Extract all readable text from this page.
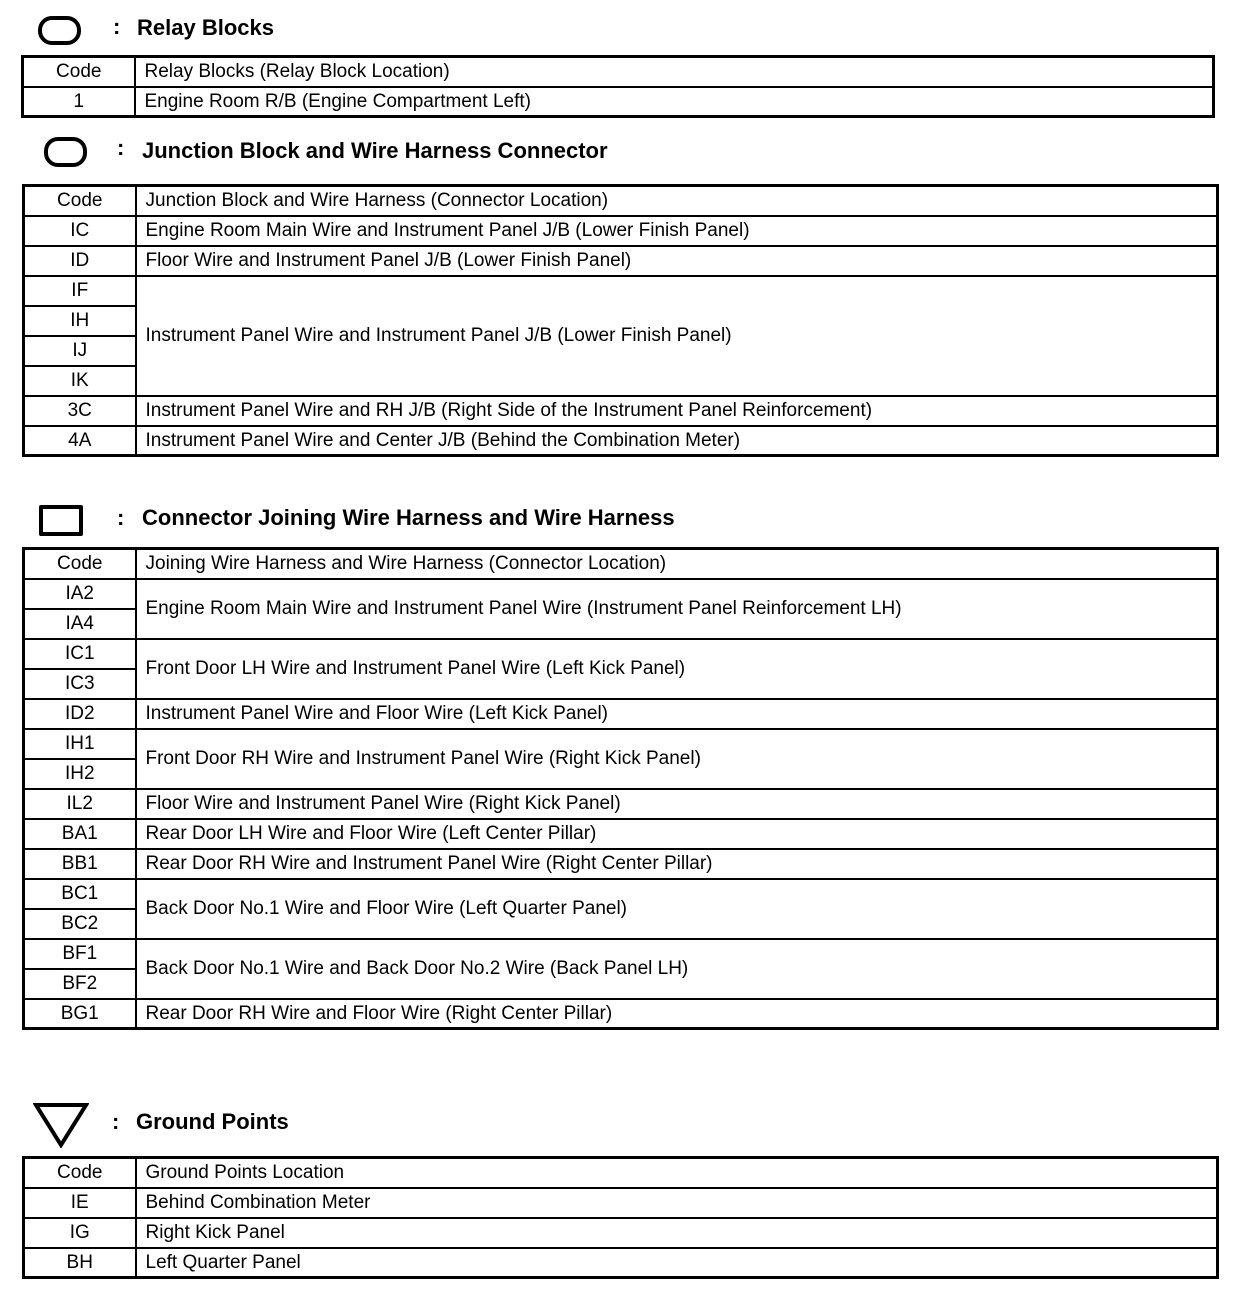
: Relay Blocks
Code	Relay Blocks (Relay Block Location)
1	Engine Room R/B (Engine Compartment Left)
: Junction Block and Wire Harness Connector
Code	Junction Block and Wire Harness (Connector Location)
IC	Engine Room Main Wire and Instrument Panel J/B (Lower Finish Panel)
ID	Floor Wire and Instrument Panel J/B (Lower Finish Panel)
IF	Instrument Panel Wire and Instrument Panel J/B (Lower Finish Panel)
IH	
IJ	
IK	
3C	Instrument Panel Wire and RH J/B (Right Side of the Instrument Panel Reinforcement)
4A	Instrument Panel Wire and Center J/B (Behind the Combination Meter)
: Connector Joining Wire Harness and Wire Harness
Code	Joining Wire Harness and Wire Harness (Connector Location)
IA2	Engine Room Main Wire and Instrument Panel Wire (Instrument Panel Reinforcement LH)
IA4	
IC1	Front Door LH Wire and Instrument Panel Wire (Left Kick Panel)
IC3	
ID2	Instrument Panel Wire and Floor Wire (Left Kick Panel)
IH1	Front Door RH Wire and Instrument Panel Wire (Right Kick Panel)
IH2	
IL2	Floor Wire and Instrument Panel Wire (Right Kick Panel)
BA1	Rear Door LH Wire and Floor Wire (Left Center Pillar)
BB1	Rear Door RH Wire and Instrument Panel Wire (Right Center Pillar)
BC1	Back Door No.1 Wire and Floor Wire (Left Quarter Panel)
BC2	
BF1	Back Door No.1 Wire and Back Door No.2 Wire (Back Panel LH)
BF2	
BG1	Rear Door RH Wire and Floor Wire (Right Center Pillar)
: Ground Points
Code	Ground Points Location
IE	Behind Combination Meter
IG	Right Kick Panel
BH	Left Quarter Panel
